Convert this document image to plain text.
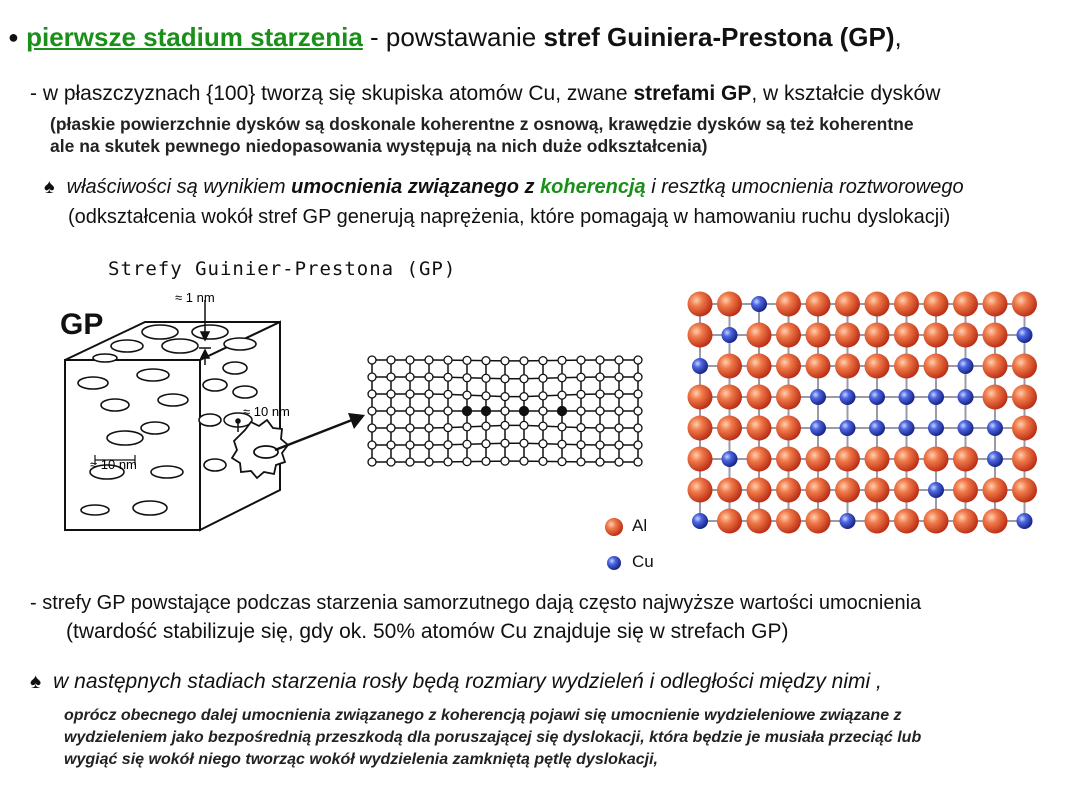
● pierwsze stadium starzenia - powstawanie stref Guiniera-Prestona (GP),
- w płaszczyznach {100} tworzą się skupiska atomów Cu, zwane strefami GP, w kształcie dysków
(płaskie powierzchnie dysków są doskonale koherentne z osnową, krawędzie dysków są też koherentne
ale na skutek pewnego niedopasowania występują na nich duże odkształcenia)
♠ właściwości są wynikiem umocnienia związanego z koherencją i resztką umocnienia roztworowego
(odkształcenia wokół stref GP generują naprężenia, które pomagają w hamowaniu ruchu dyslokacji)
Strefy Guinier-Prestona (GP)
GP
≈ 1 nm
≈ 10 nm
≈ 10 nm
Al
Cu
- strefy GP powstające podczas starzenia samorzutnego dają często najwyższe wartości umocnienia
(twardość stabilizuje się, gdy ok. 50% atomów Cu znajduje się w strefach GP)
♠ w następnych stadiach starzenia rosły będą rozmiary wydzieleń i odległości między nimi ,
oprócz obecnego dalej umocnienia związanego z koherencją pojawi się umocnienie wydzieleniowe związane z
wydzieleniem jako bezpośrednią przeszkodą dla poruszającej się dyslokacji, która będzie je musiała przeciąć lub
wygiąć się wokół niego tworząc wokół wydzielenia zamkniętą pętlę dyslokacji,
